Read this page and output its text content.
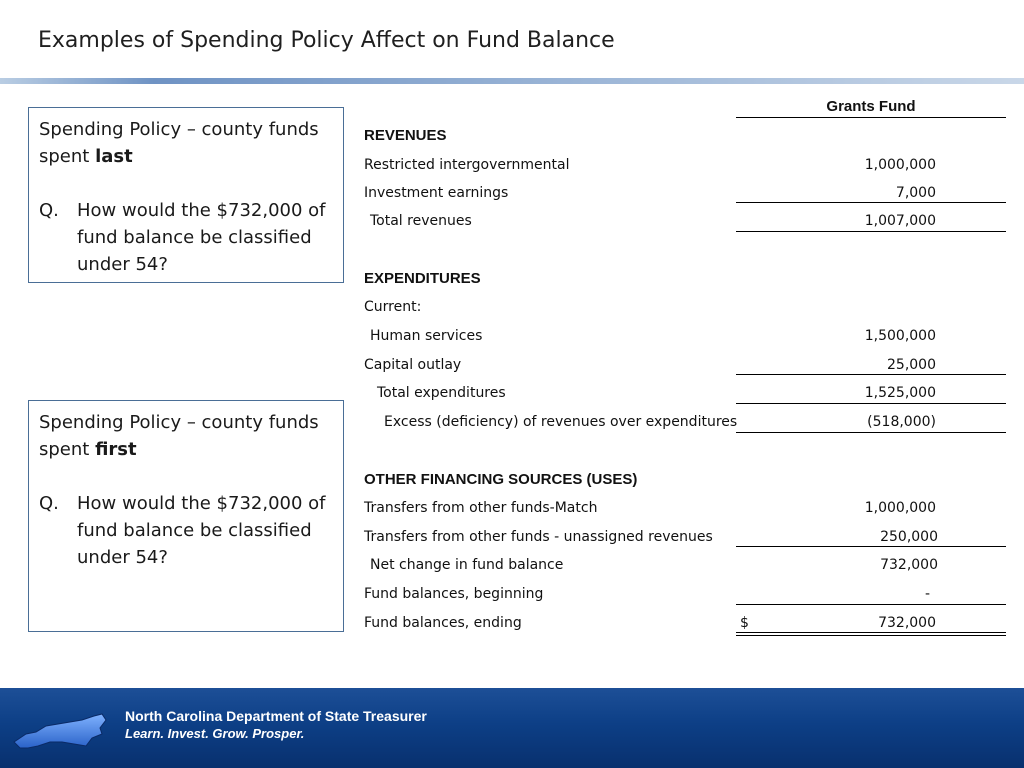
Examples of Spending Policy Affect on Fund Balance
Spending Policy – county funds
spent last
Q.	How would the $732,000 of fund balance be classified under 54?
Spending Policy – county funds
spent first
Q.	How would the $732,000 of fund balance be classified under 54?
Grants Fund
REVENUES
Restricted intergovernmental	1,000,000
Investment earnings	7,000
Total revenues	1,007,000
EXPENDITURES
Current:
Human services	1,500,000
Capital outlay	25,000
Total expenditures	1,525,000
Excess (deficiency) of revenues over expenditures	(518,000)
OTHER FINANCING SOURCES (USES)
Transfers from other funds-Match	1,000,000
Transfers from other funds - unassigned revenues	250,000
Net change in fund balance	732,000
Fund balances, beginning	-
Fund balances, ending	$	732,000
North Carolina Department of State Treasurer
Learn. Invest. Grow. Prosper.
